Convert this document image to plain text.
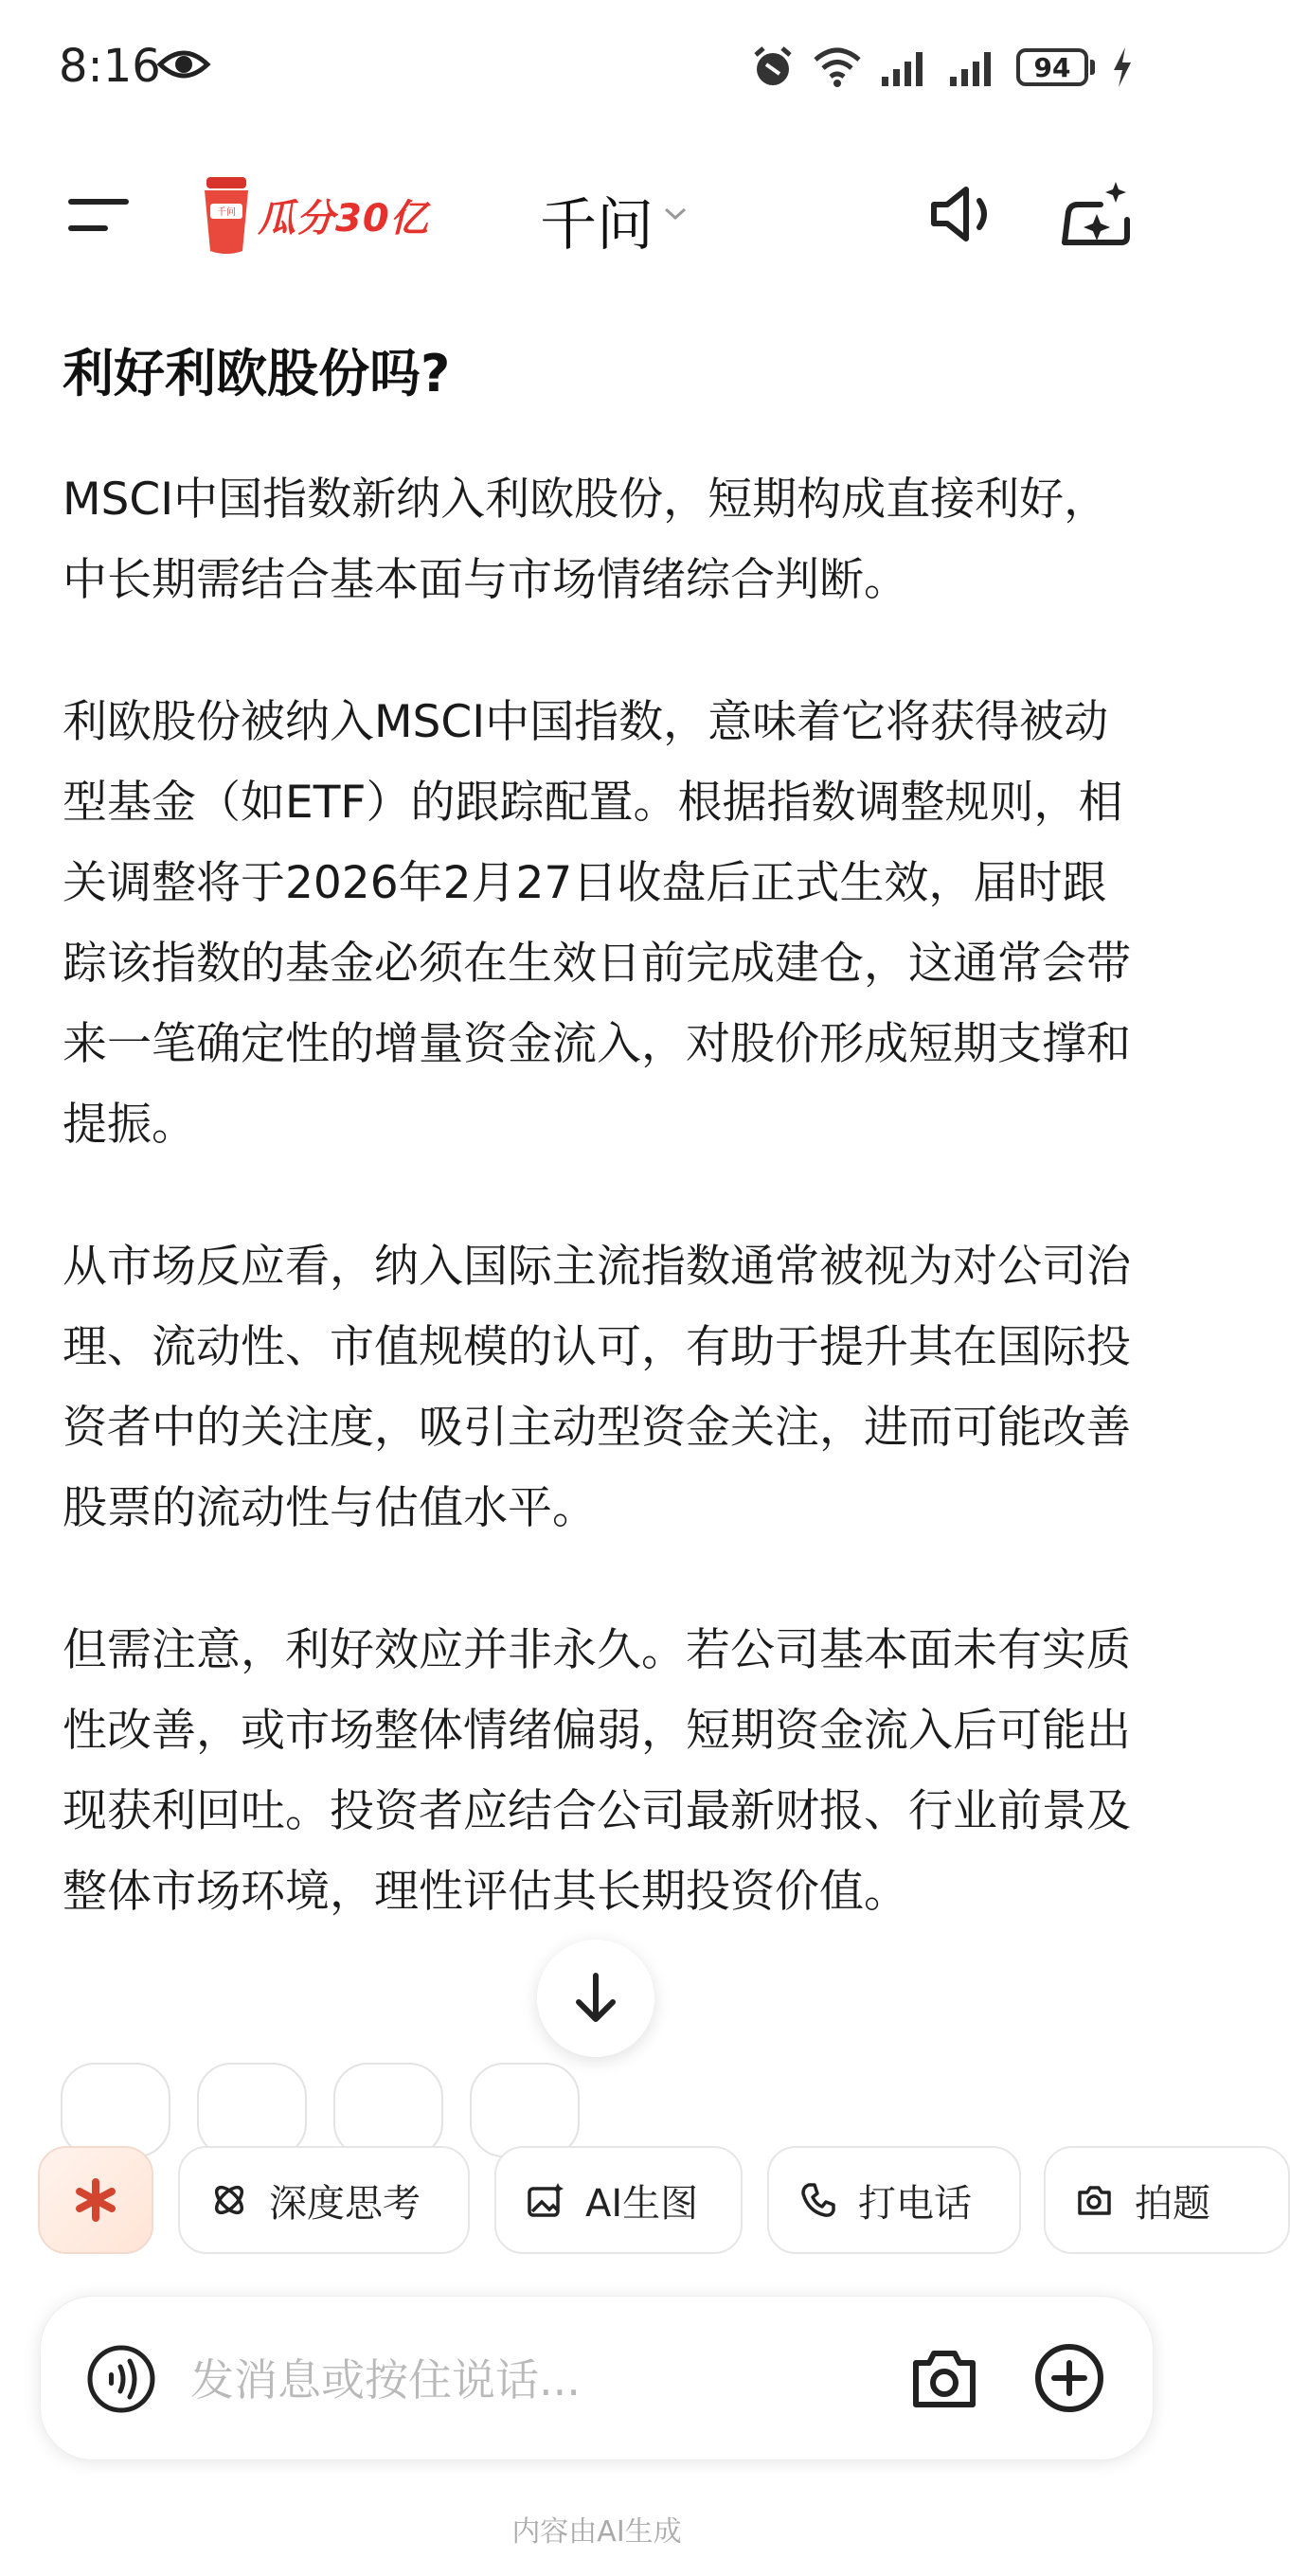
8:16	94
千问 瓜分30亿 千问
利好利欧股份吗?

MSCI中国指数新纳入利欧股份，短期构成直接利好，中长期需结合基本面与市场情绪综合判断。

利欧股份被纳入MSCI中国指数，意味着它将获得被动型基金（如ETF）的跟踪配置。根据指数调整规则，相关调整将于2026年2月27日收盘后正式生效，届时跟踪该指数的基金必须在生效日前完成建仓，这通常会带来一笔确定性的增量资金流入，对股价形成短期支撑和提振。

从市场反应看，纳入国际主流指数通常被视为对公司治理、流动性、市值规模的认可，有助于提升其在国际投资者中的关注度，吸引主动型资金关注，进而可能改善股票的流动性与估值水平。

但需注意，利好效应并非永久。若公司基本面未有实质性改善，或市场整体情绪偏弱，短期资金流入后可能出现获利回吐。投资者应结合公司最新财报、行业前景及整体市场环境，理性评估其长期投资价值。

深度思考	AI生图	打电话	拍题
发消息或按住说话...
内容由AI生成
